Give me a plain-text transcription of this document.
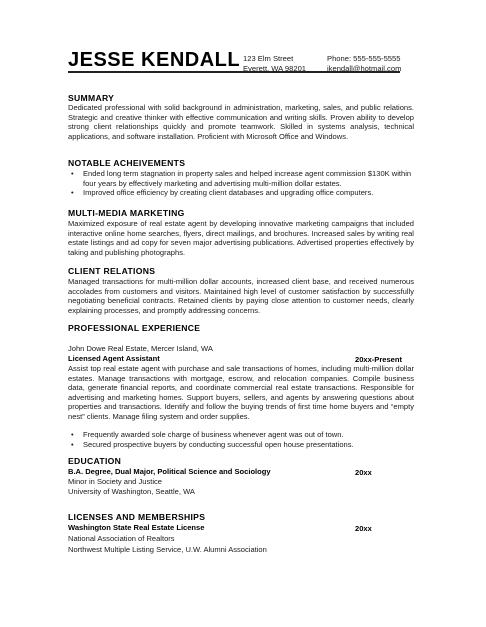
JESSE KENDALL 123 Elm Street
Everett, WA 98201
Phone: 555-555-5555
jkendall@hotmail.com
SUMMARY
Dedicated professional with solid background in administration, marketing, sales, and public relations. Strategic and creative thinker with effective communication and writing skills. Proven ability to develop strong client relationships quickly and promote teamwork. Skilled in systems analysis, technical applications, and software installation. Proficient with Microsoft Office and Windows.
NOTABLE ACHEIVEMENTS
• Ended long term stagnation in property sales and helped increase agent commission $130K within four years by effectively marketing and advertising multi-million dollar estates.
• Improved office efficiency by creating client databases and upgrading office computers.
MULTI-MEDIA MARKETING
Maximized exposure of real estate agent by developing innovative marketing campaigns that included interactive online home searches, flyers, direct mailings, and brochures. Increased sales by writing real estate listings and ad copy for seven major advertising publications. Advertised properties effectively by taking and publishing photographs.
CLIENT RELATIONS
Managed transactions for multi-million dollar accounts, increased client base, and received numerous accolades from customers and visitors. Maintained high level of customer satisfaction by successfully negotiating beneficial contracts. Retained clients by paying close attention to customer needs, clearly explaining processes, and promptly addressing concerns.
PROFESSIONAL EXPERIENCE
John Dowe Real Estate, Mercer Island, WA
Licensed Agent Assistant	20xx-Present
Assist top real estate agent with purchase and sale transactions of homes, including multi-million dollar estates. Manage transactions with mortgage, escrow, and relocation companies. Compile business data, generate financial reports, and coordinate commercial real estate transactions. Responsible for advertising and marketing homes. Support buyers, sellers, and agents by answering questions about properties and transactions. Identify and follow the buying trends of first time home buyers and “empty nest” clients. Manage filing system and order supplies.
• Frequently awarded sole charge of business whenever agent was out of town.
• Secured prospective buyers by conducting successful open house presentations.
EDUCATION
B.A. Degree, Dual Major, Political Science and Sociology	20xx
Minor in Society and Justice
University of Washington, Seattle, WA
LICENSES AND MEMBERSHIPS
Washington State Real Estate License	20xx
National Association of Realtors
Northwest Multiple Listing Service, U.W. Alumni Association
